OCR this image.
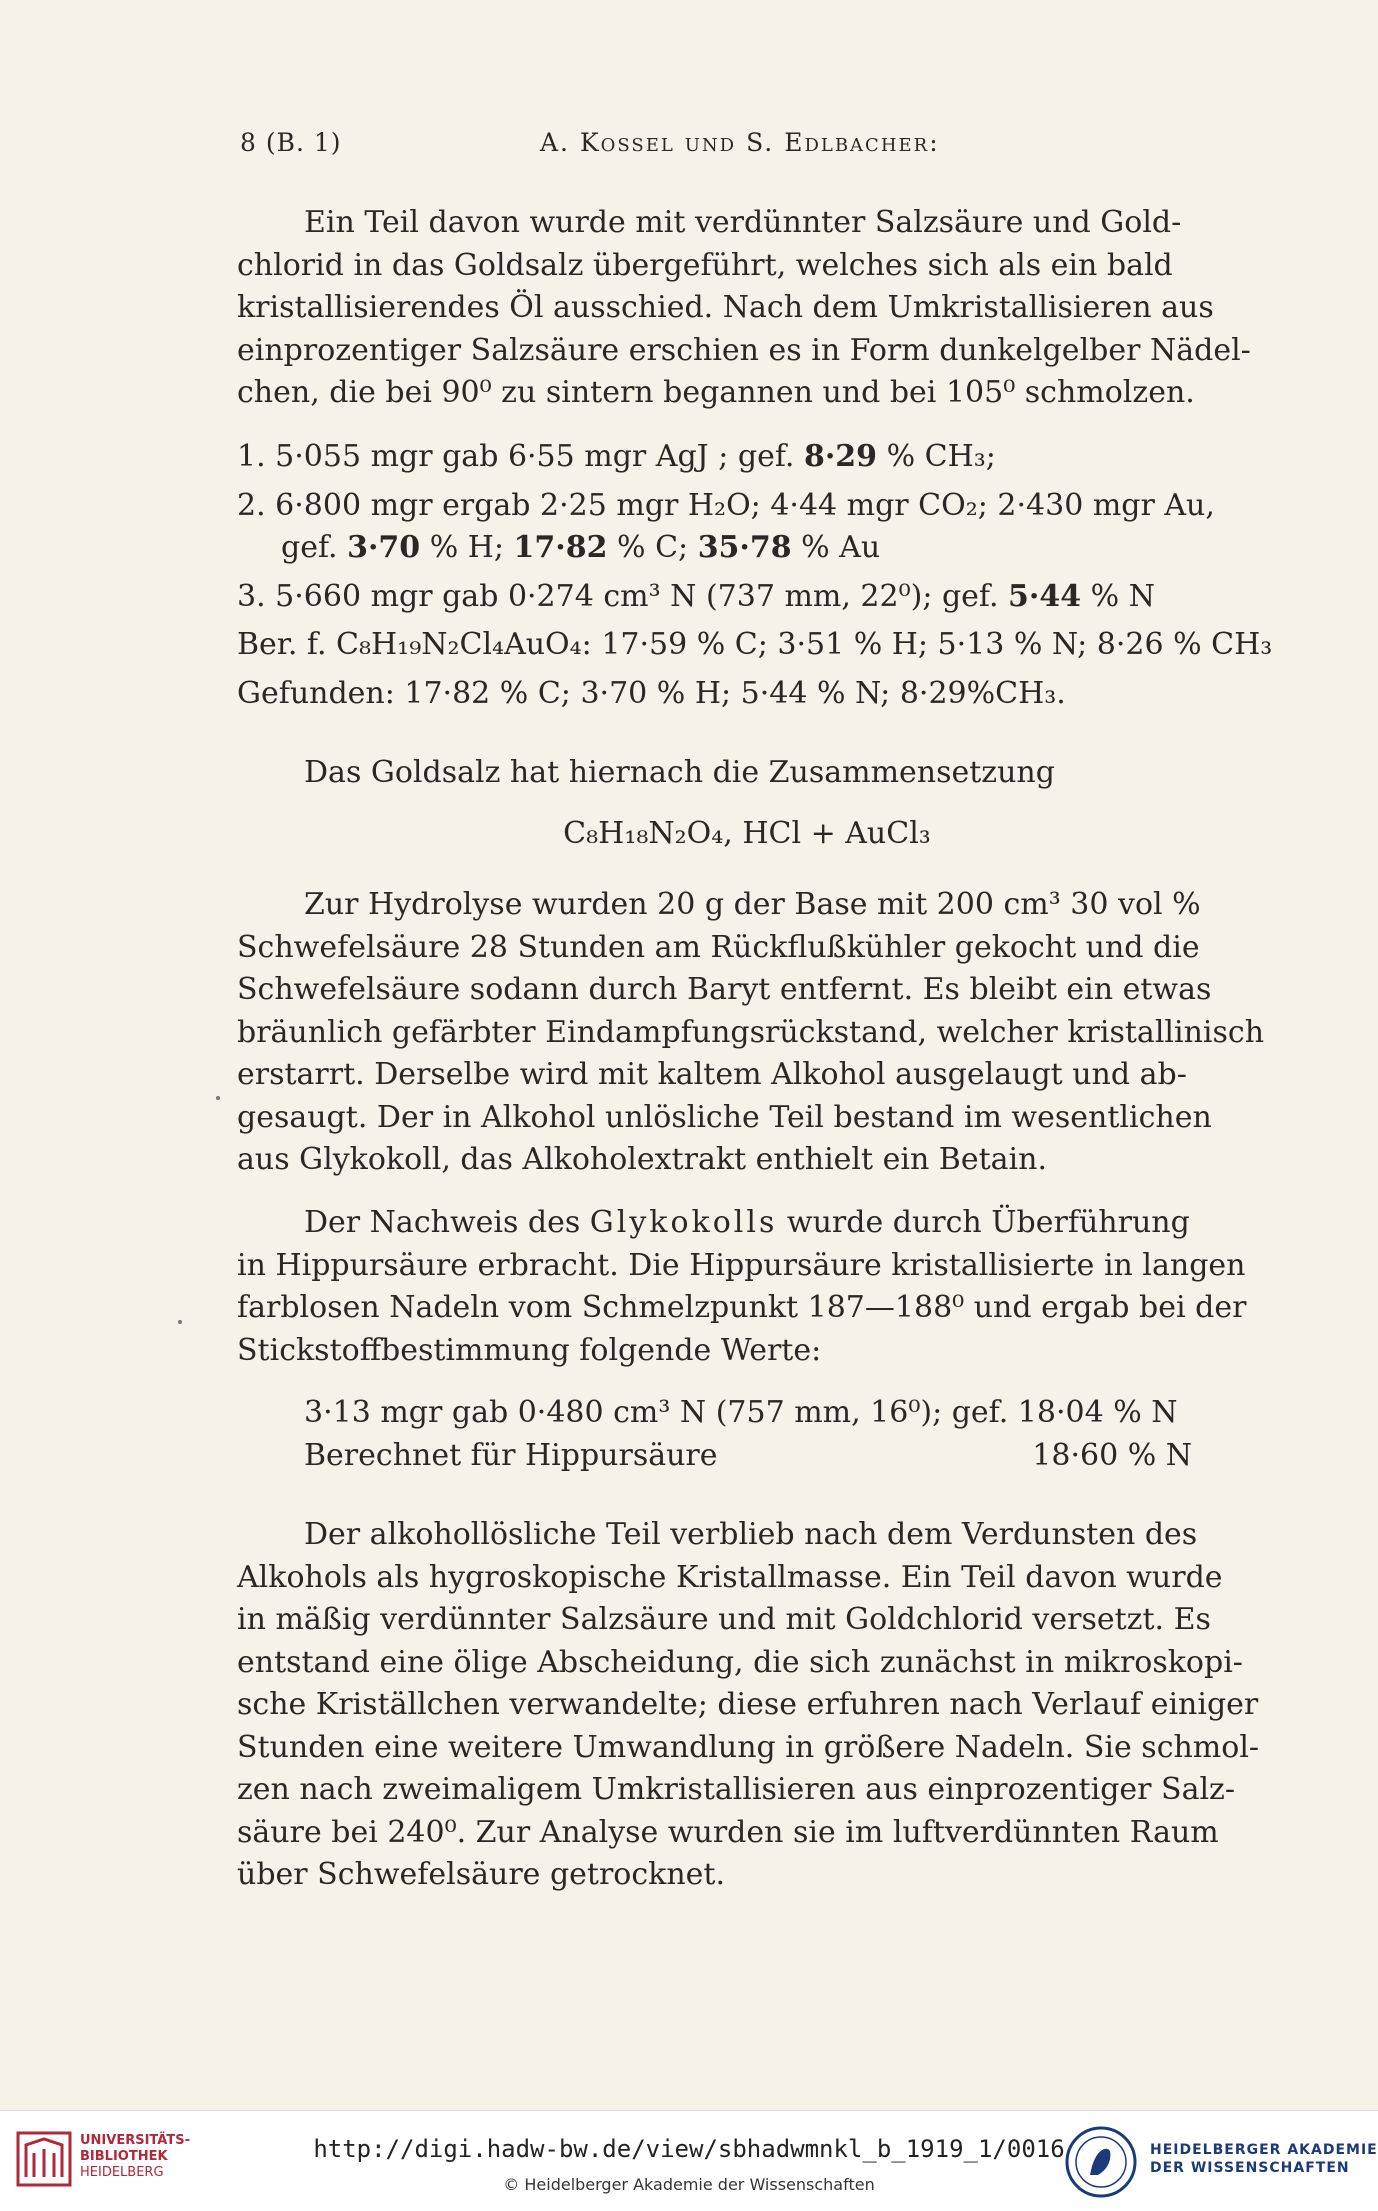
8 (B. 1)	A. Kossel und S. Edlbacher:
Ein Teil davon wurde mit verdünnter Salzsäure und Gold-
chlorid in das Goldsalz übergeführt, welches sich als ein bald
kristallisierendes Öl ausschied. Nach dem Umkristallisieren aus
einprozentiger Salzsäure erschien es in Form dunkelgelber Nädel-
chen, die bei 90⁰ zu sintern begannen und bei 105⁰ schmolzen.
1. 5·055 mgr gab 6·55 mgr AgJ ; gef. 8·29 % CH₃;
2. 6·800 mgr ergab 2·25 mgr H₂O; 4·44 mgr CO₂; 2·430 mgr Au,
gef. 3·70 % H; 17·82 % C; 35·78 % Au
3. 5·660 mgr gab 0·274 cm³ N (737 mm, 22⁰); gef. 5·44 % N
Ber. f. C₈H₁₉N₂Cl₄AuO₄: 17·59 % C; 3·51 % H; 5·13 % N; 8·26 % CH₃
Gefunden: 17·82 % C; 3·70 % H; 5·44 % N; 8·29%CH₃.
Das Goldsalz hat hiernach die Zusammensetzung
C₈H₁₈N₂O₄, HCl + AuCl₃
Zur Hydrolyse wurden 20 g der Base mit 200 cm³ 30 vol %
Schwefelsäure 28 Stunden am Rückflußkühler gekocht und die
Schwefelsäure sodann durch Baryt entfernt. Es bleibt ein etwas
bräunlich gefärbter Eindampfungsrückstand, welcher kristallinisch
erstarrt. Derselbe wird mit kaltem Alkohol ausgelaugt und ab-
gesaugt. Der in Alkohol unlösliche Teil bestand im wesentlichen
aus Glykokoll, das Alkoholextrakt enthielt ein Betain.
Der Nachweis des Glykokolls wurde durch Überführung
in Hippursäure erbracht. Die Hippursäure kristallisierte in langen
farblosen Nadeln vom Schmelzpunkt 187—188⁰ und ergab bei der
Stickstoffbestimmung folgende Werte:
3·13 mgr gab 0·480 cm³ N (757 mm, 16⁰); gef. 18·04 % N
Berechnet für Hippursäure	18·60 % N
Der alkohollösliche Teil verblieb nach dem Verdunsten des
Alkohols als hygroskopische Kristallmasse. Ein Teil davon wurde
in mäßig verdünnter Salzsäure und mit Goldchlorid versetzt. Es
entstand eine ölige Abscheidung, die sich zunächst in mikroskopi-
sche Kriställchen verwandelte; diese erfuhren nach Verlauf einiger
Stunden eine weitere Umwandlung in größere Nadeln. Sie schmol-
zen nach zweimaligem Umkristallisieren aus einprozentiger Salz-
säure bei 240⁰. Zur Analyse wurden sie im luftverdünnten Raum
über Schwefelsäure getrocknet.
UNIVERSITÄTS-
BIBLIOTHEK
HEIDELBERG
http://digi.hadw-bw.de/view/sbhadwmnkl_b_1919_1/0016
© Heidelberger Akademie der Wissenschaften
HEIDELBERGER AKADEMIE
DER WISSENSCHAFTEN
